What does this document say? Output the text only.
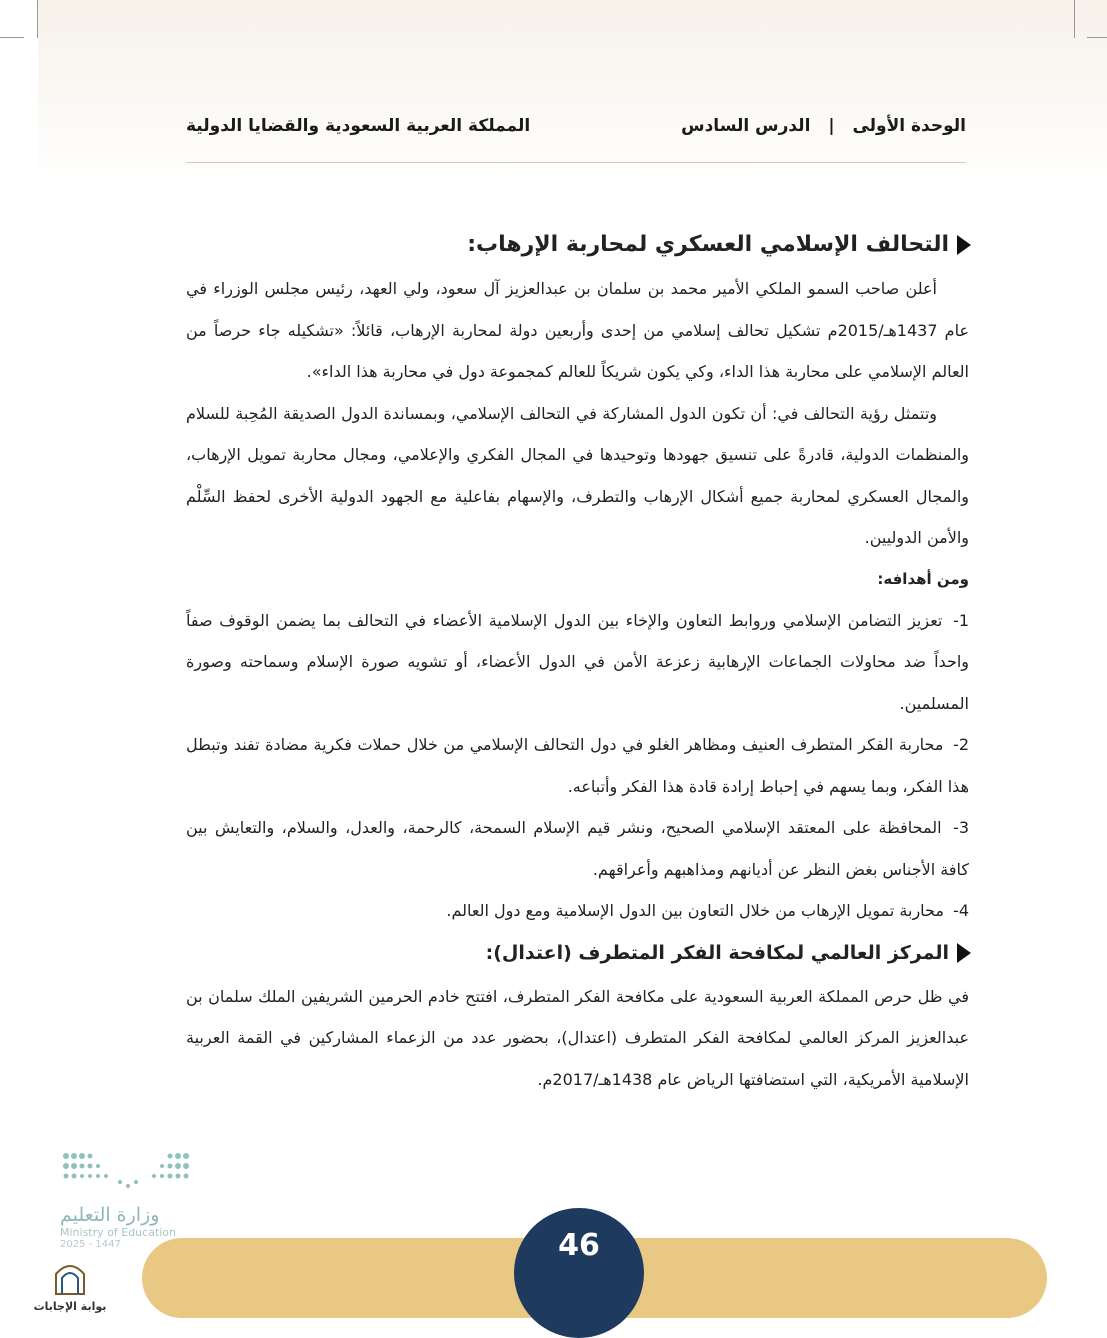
الوحدة الأولى | الدرس السادس
المملكة العربية السعودية والقضايا الدولية
التحالف الإسلامي العسكري لمحاربة الإرهاب:

أعلن صاحب السمو الملكي الأمير محمد بن سلمان بن عبدالعزيز آل سعود، ولي العهد، رئيس مجلس الوزراء في عام 1437هـ/2015م تشكيل تحالف إسلامي من إحدى وأربعين دولة لمحاربة الإرهاب، قائلاً: «تشكيله جاء حرصاً من العالم الإسلامي على محاربة هذا الداء، وكي يكون شريكاً للعالم كمجموعة دول في محاربة هذا الداء».

وتتمثل رؤية التحالف في: أن تكون الدول المشاركة في التحالف الإسلامي، وبمساندة الدول الصديقة المُحِبة للسلام والمنظمات الدولية، قادرةً على تنسيق جهودها وتوحيدها في المجال الفكري والإعلامي، ومجال محاربة تمويل الإرهاب، والمجال العسكري لمحاربة جميع أشكال الإرهاب والتطرف، والإسهام بفاعلية مع الجهود الدولية الأخرى لحفظ السِّلْم والأمن الدوليين.

ومن أهدافه:

1- تعزيز التضامن الإسلامي وروابط التعاون والإخاء بين الدول الإسلامية الأعضاء في التحالف بما يضمن الوقوف صفاً واحداً ضد محاولات الجماعات الإرهابية زعزعة الأمن في الدول الأعضاء، أو تشويه صورة الإسلام وسماحته وصورة المسلمين.

2- محاربة الفكر المتطرف العنيف ومظاهر الغلو في دول التحالف الإسلامي من خلال حملات فكرية مضادة تفند وتبطل هذا الفكر، وبما يسهم في إحباط إرادة قادة هذا الفكر وأتباعه.

3- المحافظة على المعتقد الإسلامي الصحيح، ونشر قيم الإسلام السمحة، كالرحمة، والعدل، والسلام، والتعايش بين كافة الأجناس بغض النظر عن أديانهم ومذاهبهم وأعراقهم.

4- محاربة تمويل الإرهاب من خلال التعاون بين الدول الإسلامية ومع دول العالم.

المركز العالمي لمكافحة الفكر المتطرف (اعتدال):

في ظل حرص المملكة العربية السعودية على مكافحة الفكر المتطرف، افتتح خادم الحرمين الشريفين الملك سلمان بن عبدالعزيز المركز العالمي لمكافحة الفكر المتطرف (اعتدال)، بحضور عدد من الزعماء المشاركين في القمة العربية الإسلامية الأمريكية، التي استضافتها الرياض عام 1438هـ/2017م.

46
وزارة التعليم
Ministry of Education
2025 - 1447
بوابة الإجابات
